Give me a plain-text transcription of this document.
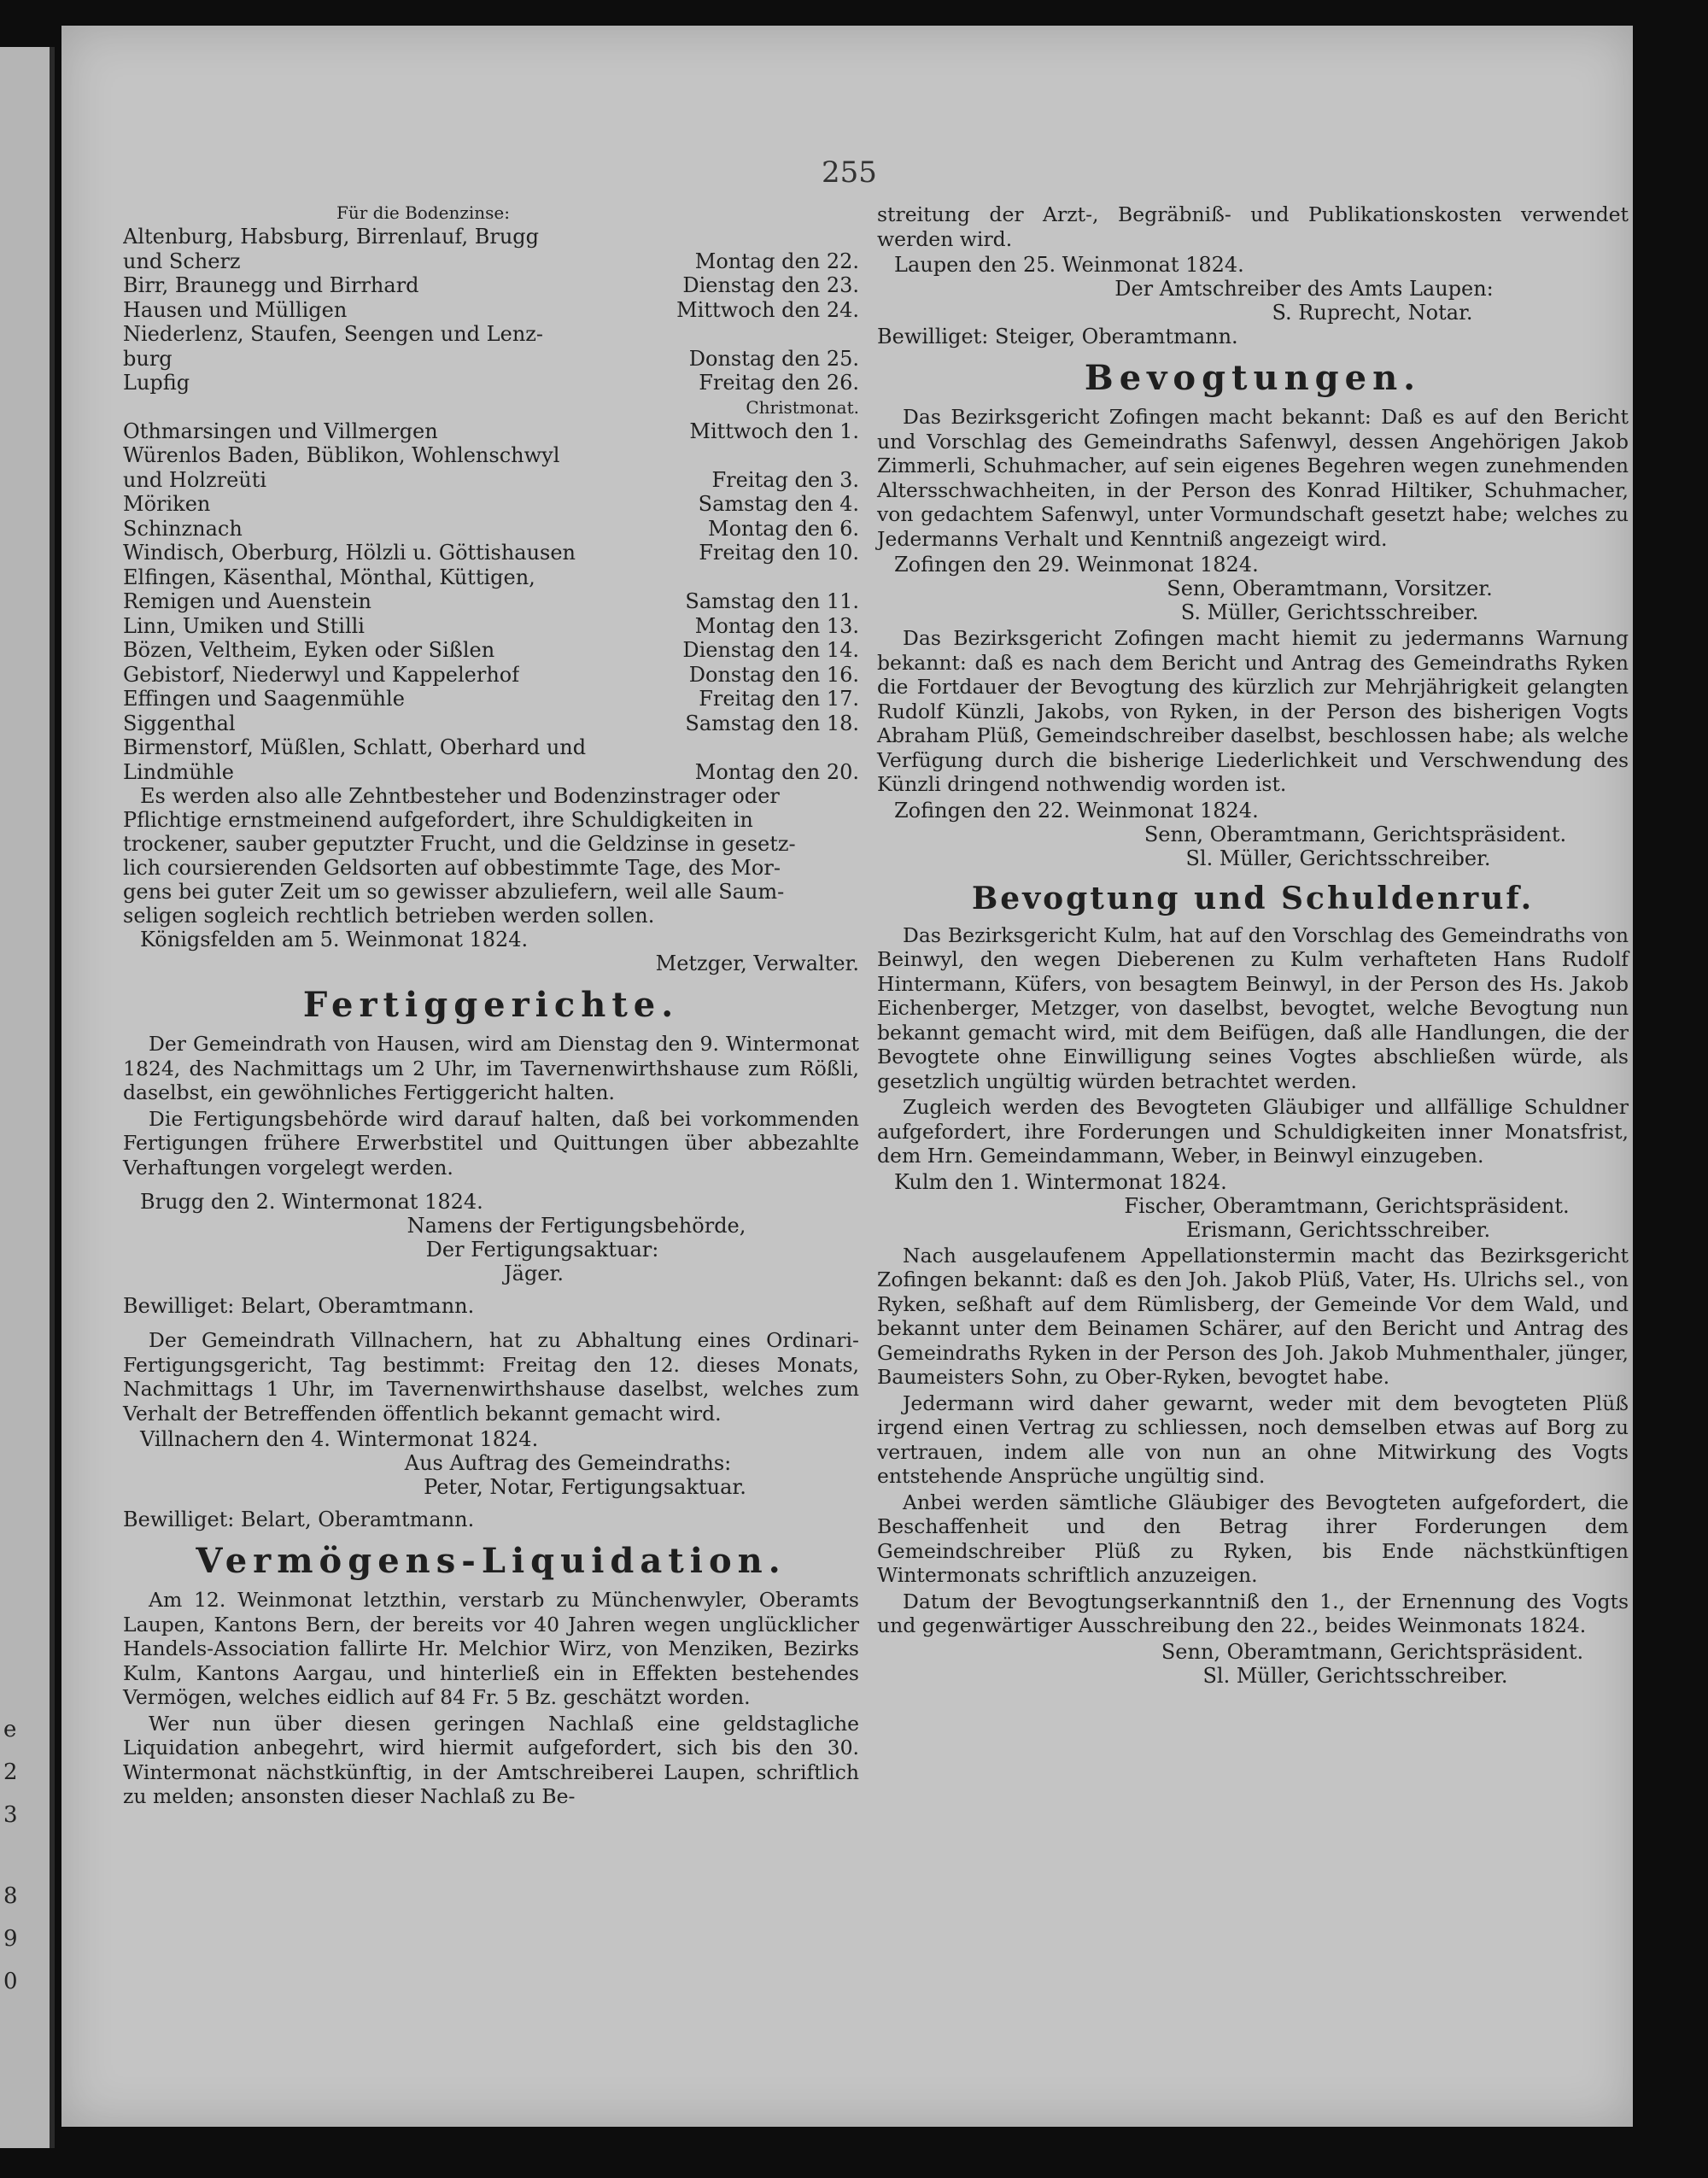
e
2
3
8
9
0
255
Für die Bodenzinse:
Altenburg, Habsburg, Birrenlauf, Brugg
und Scherz	Montag den 22.
Birr, Braunegg und Birrhard	Dienstag den 23.
Hausen und Mülligen	Mittwoch den 24.
Niederlenz, Staufen, Seengen und Lenz-
burg	Donstag den 25.
Lupfig	Freitag den 26.
Christmonat.
Othmarsingen und Villmergen	Mittwoch den 1.
Würenlos Baden, Büblikon, Wohlenschwyl
und Holzreüti	Freitag den 3.
Möriken	Samstag den 4.
Schinznach	Montag den 6.
Windisch, Oberburg, Hölzli u. Göttishausen	Freitag den 10.
Elfingen, Käsenthal, Mönthal, Küttigen,
Remigen und Auenstein	Samstag den 11.
Linn, Umiken und Stilli	Montag den 13.
Bözen, Veltheim, Eyken oder Sißlen	Dienstag den 14.
Gebistorf, Niederwyl und Kappelerhof	Donstag den 16.
Effingen und Saagenmühle	Freitag den 17.
Siggenthal	Samstag den 18.
Birmenstorf, Müßlen, Schlatt, Oberhard und
Lindmühle	Montag den 20.
Es werden also alle Zehntbesteher und Bodenzinstrager oder
Pflichtige ernstmeinend aufgefordert, ihre Schuldigkeiten in
trockener, sauber geputzter Frucht, und die Geldzinse in gesetz-
lich coursierenden Geldsorten auf obbestimmte Tage, des Mor-
gens bei guter Zeit um so gewisser abzuliefern, weil alle Saum-
seligen sogleich rechtlich betrieben werden sollen.
Königsfelden am 5. Weinmonat 1824.
Metzger, Verwalter.
Fertiggerichte.
Der Gemeindrath von Hausen, wird am Dienstag den 9. Wintermonat 1824, des Nachmittags um 2 Uhr, im Tavernenwirthshause zum Rößli, daselbst, ein gewöhnliches Fertiggericht halten.
Die Fertigungsbehörde wird darauf halten, daß bei vorkommenden Fertigungen frühere Erwerbstitel und Quittungen über abbezahlte Verhaftungen vorgelegt werden.
Brugg den 2. Wintermonat 1824.
Namens der Fertigungsbehörde,
Der Fertigungsaktuar:
Jäger.
Bewilliget: Belart, Oberamtmann.
Der Gemeindrath Villnachern, hat zu Abhaltung eines Ordinari-Fertigungsgericht, Tag bestimmt: Freitag den 12. dieses Monats, Nachmittags 1 Uhr, im Tavernenwirthshause daselbst, welches zum Verhalt der Betreffenden öffentlich bekannt gemacht wird.
Villnachern den 4. Wintermonat 1824.
Aus Auftrag des Gemeindraths:
Peter, Notar, Fertigungsaktuar.
Bewilliget: Belart, Oberamtmann.
Vermögens-Liquidation.
Am 12. Weinmonat letzthin, verstarb zu Münchenwyler, Oberamts Laupen, Kantons Bern, der bereits vor 40 Jahren wegen unglücklicher Handels-Association fallirte Hr. Melchior Wirz, von Menziken, Bezirks Kulm, Kantons Aargau, und hinterließ ein in Effekten bestehendes Vermögen, welches eidlich auf 84 Fr. 5 Bz. geschätzt worden.
Wer nun über diesen geringen Nachlaß eine geldstagliche Liquidation anbegehrt, wird hiermit aufgefordert, sich bis den 30. Wintermonat nächstkünftig, in der Amtschreiberei Laupen, schriftlich zu melden; ansonsten dieser Nachlaß zu Be-
streitung der Arzt-, Begräbniß- und Publikationskosten verwendet werden wird.
Laupen den 25. Weinmonat 1824.
Der Amtschreiber des Amts Laupen:
S. Ruprecht, Notar.
Bewilliget: Steiger, Oberamtmann.
Bevogtungen.
Das Bezirksgericht Zofingen macht bekannt: Daß es auf den Bericht und Vorschlag des Gemeindraths Safenwyl, dessen Angehörigen Jakob Zimmerli, Schuhmacher, auf sein eigenes Begehren wegen zunehmenden Altersschwachheiten, in der Person des Konrad Hiltiker, Schuhmacher, von gedachtem Safenwyl, unter Vormundschaft gesetzt habe; welches zu Jedermanns Verhalt und Kenntniß angezeigt wird.
Zofingen den 29. Weinmonat 1824.
Senn, Oberamtmann, Vorsitzer.
S. Müller, Gerichtsschreiber.
Das Bezirksgericht Zofingen macht hiemit zu jedermanns Warnung bekannt: daß es nach dem Bericht und Antrag des Gemeindraths Ryken die Fortdauer der Bevogtung des kürzlich zur Mehrjährigkeit gelangten Rudolf Künzli, Jakobs, von Ryken, in der Person des bisherigen Vogts Abraham Plüß, Gemeindschreiber daselbst, beschlossen habe; als welche Verfügung durch die bisherige Liederlichkeit und Verschwendung des Künzli dringend nothwendig worden ist.
Zofingen den 22. Weinmonat 1824.
Senn, Oberamtmann, Gerichtspräsident.
Sl. Müller, Gerichtsschreiber.
Bevogtung und Schuldenruf.
Das Bezirksgericht Kulm, hat auf den Vorschlag des Gemeindraths von Beinwyl, den wegen Dieberenen zu Kulm verhafteten Hans Rudolf Hintermann, Küfers, von besagtem Beinwyl, in der Person des Hs. Jakob Eichenberger, Metzger, von daselbst, bevogtet, welche Bevogtung nun bekannt gemacht wird, mit dem Beifügen, daß alle Handlungen, die der Bevogtete ohne Einwilligung seines Vogtes abschließen würde, als gesetzlich ungültig würden betrachtet werden.
Zugleich werden des Bevogteten Gläubiger und allfällige Schuldner aufgefordert, ihre Forderungen und Schuldigkeiten inner Monatsfrist, dem Hrn. Gemeindammann, Weber, in Beinwyl einzugeben.
Kulm den 1. Wintermonat 1824.
Fischer, Oberamtmann, Gerichtspräsident.
Erismann, Gerichtsschreiber.
Nach ausgelaufenem Appellationstermin macht das Bezirksgericht Zofingen bekannt: daß es den Joh. Jakob Plüß, Vater, Hs. Ulrichs sel., von Ryken, seßhaft auf dem Rümlisberg, der Gemeinde Vor dem Wald, und bekannt unter dem Beinamen Schärer, auf den Bericht und Antrag des Gemeindraths Ryken in der Person des Joh. Jakob Muhmenthaler, jünger, Baumeisters Sohn, zu Ober-Ryken, bevogtet habe.
Jedermann wird daher gewarnt, weder mit dem bevogteten Plüß irgend einen Vertrag zu schliessen, noch demselben etwas auf Borg zu vertrauen, indem alle von nun an ohne Mitwirkung des Vogts entstehende Ansprüche ungültig sind.
Anbei werden sämtliche Gläubiger des Bevogteten aufgefordert, die Beschaffenheit und den Betrag ihrer Forderungen dem Gemeindschreiber Plüß zu Ryken, bis Ende nächstkünftigen Wintermonats schriftlich anzuzeigen.
Datum der Bevogtungserkanntniß den 1., der Ernennung des Vogts und gegenwärtiger Ausschreibung den 22., beides Weinmonats 1824.
Senn, Oberamtmann, Gerichtspräsident.
Sl. Müller, Gerichtsschreiber.
